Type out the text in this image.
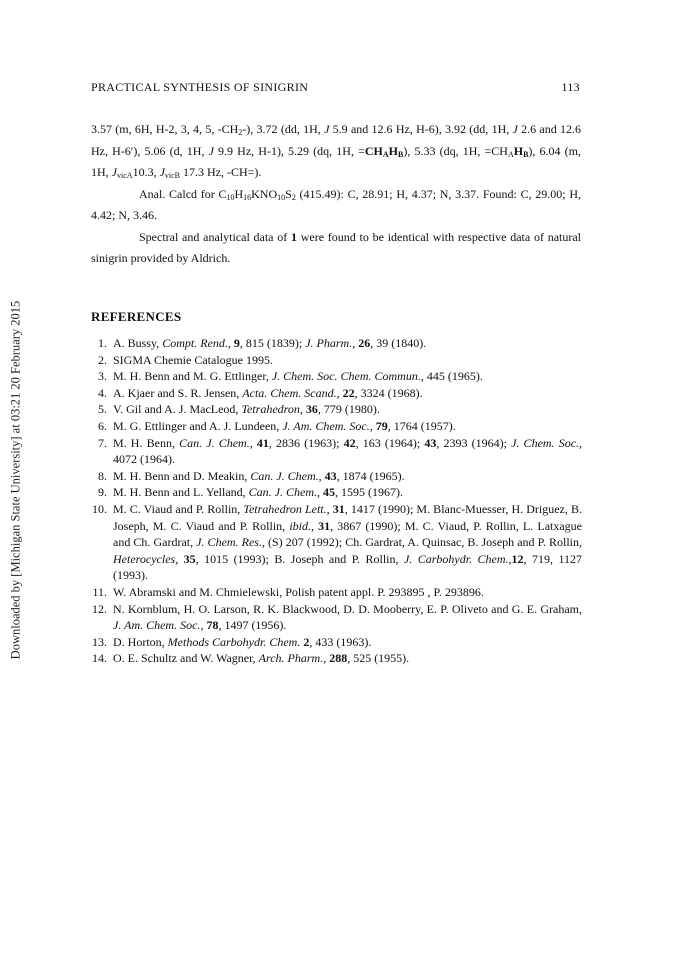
Downloaded by [Michigan State University] at 03:21 20 February 2015
PRACTICAL SYNTHESIS OF SINIGRIN	113

3.57 (m, 6H, H-2, 3, 4, 5, $-CH_2-$), 3.72 (dd, 1H, J 5.9 and 12.6 Hz, H-6), 3.92 (dd, 1H, J 2.6 and 12.6 Hz, H-6′), 5.06 (d, 1H, J 9.9 Hz, H-1), 5.29 (dq, 1H, $=CH_AH_B$), 5.33 (dq, 1H, $=CH_AH_B$), 6.04 (m, 1H, $J_{vicA}10.3$, $J_{vicB}$ 17.3 Hz, -CH=).

Anal. Calcd for $C_{10}H_{16}KNO_{10}S_2$ (415.49): C, 28.91; H, 4.37; N, 3.37. Found: C, 29.00; H, 4.42; N, 3.46.

Spectral and analytical data of 1 were found to be identical with respective data of natural sinigrin provided by Aldrich.

REFERENCES
1. A. Bussy, Compt. Rend., 9, 815 (1839); J. Pharm., 26, 39 (1840).
2. SIGMA Chemie Catalogue 1995.
3. M. H. Benn and M. G. Ettlinger, J. Chem. Soc. Chem. Commun., 445 (1965).
4. A. Kjaer and S. R. Jensen, Acta. Chem. Scand., 22, 3324 (1968).
5. V. Gil and A. J. MacLeod, Tetrahedron, 36, 779 (1980).
6. M. G. Ettlinger and A. J. Lundeen, J. Am. Chem. Soc., 79, 1764 (1957).
7. M. H. Benn, Can. J. Chem., 41, 2836 (1963); 42, 163 (1964); 43, 2393 (1964); J. Chem. Soc., 4072 (1964).
8. M. H. Benn and D. Meakin, Can. J. Chem., 43, 1874 (1965).
9. M. H. Benn and L. Yelland, Can. J. Chem., 45, 1595 (1967).
10. M. C. Viaud and P. Rollin, Tetrahedron Lett., 31, 1417 (1990); M. Blanc-Muesser, H. Driguez, B. Joseph, M. C. Viaud and P. Rollin, ibid., 31, 3867 (1990); M. C. Viaud, P. Rollin, L. Latxague and Ch. Gardrat, J. Chem. Res., (S) 207 (1992); Ch. Gardrat, A. Quinsac, B. Joseph and P. Rollin, Heterocycles, 35, 1015 (1993); B. Joseph and P. Rollin, J. Carbohydr. Chem.,12, 719, 1127 (1993).
11. W. Abramski and M. Chmielewski, Polish patent appl. P. 293895 , P. 293896.
12. N. Kornblum, H. O. Larson, R. K. Blackwood, D. D. Mooberry, E. P. Oliveto and G. E. Graham, J. Am. Chem. Soc., 78, 1497 (1956).
13. D. Horton, Methods Carbohydr. Chem. 2, 433 (1963).
14. O. E. Schultz and W. Wagner, Arch. Pharm., 288, 525 (1955).
